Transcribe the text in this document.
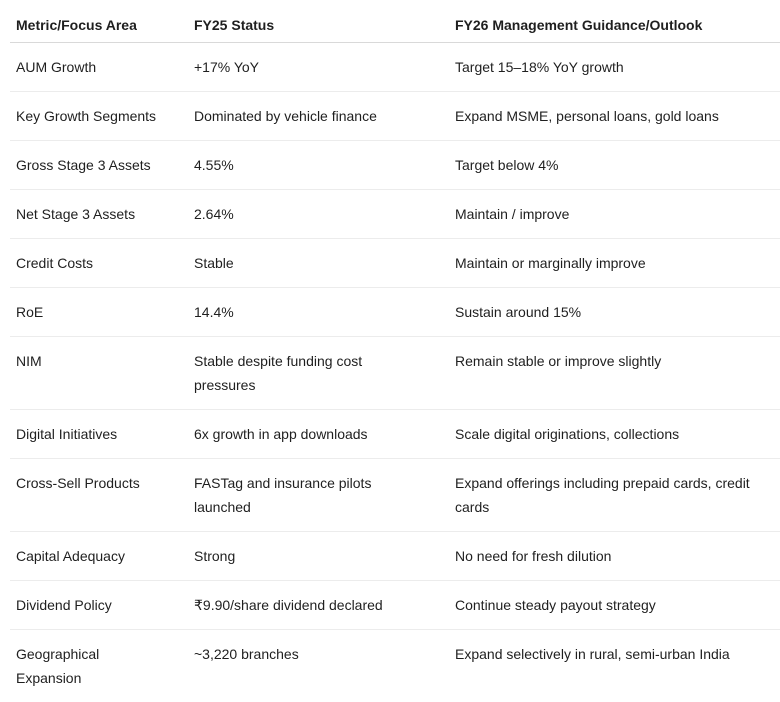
Metric/Focus Area	FY25 Status	FY26 Management Guidance/Outlook
AUM Growth	+17% YoY	Target 15–18% YoY growth
Key Growth Segments	Dominated by vehicle finance	Expand MSME, personal loans, gold loans
Gross Stage 3 Assets	4.55%	Target below 4%
Net Stage 3 Assets	2.64%	Maintain / improve
Credit Costs	Stable	Maintain or marginally improve
RoE	14.4%	Sustain around 15%
NIM	Stable despite funding cost pressures	Remain stable or improve slightly
Digital Initiatives	6x growth in app downloads	Scale digital originations, collections
Cross-Sell Products	FASTag and insurance pilots launched	Expand offerings including prepaid cards, credit cards
Capital Adequacy	Strong	No need for fresh dilution
Dividend Policy	₹9.90/share dividend declared	Continue steady payout strategy
Geographical Expansion	~3,220 branches	Expand selectively in rural, semi-urban India
